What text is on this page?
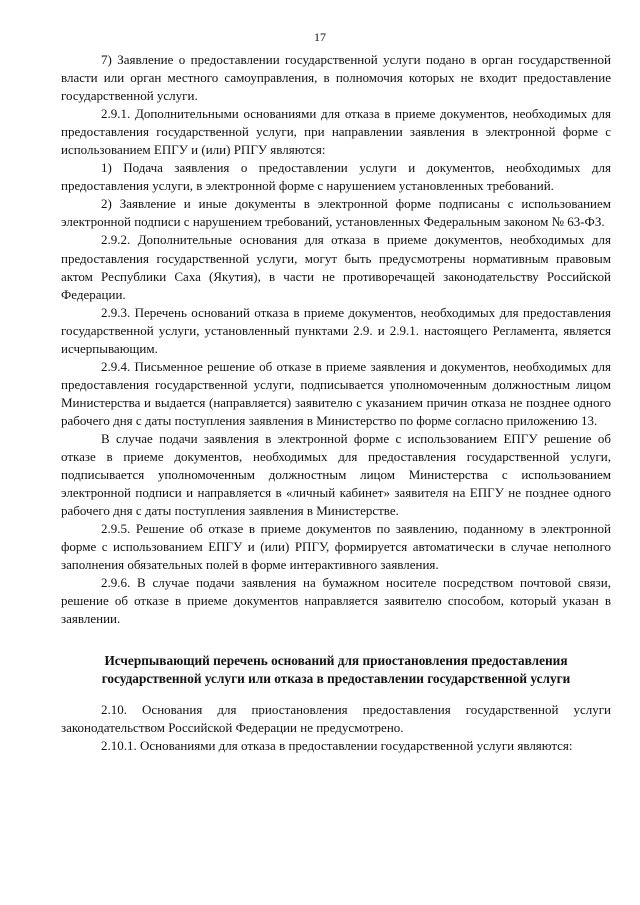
17

7) Заявление о предоставлении государственной услуги подано в орган государственной власти или орган местного самоуправления, в полномочия которых не входит предоставление государственной услуги.

2.9.1. Дополнительными основаниями для отказа в приеме документов, необходимых для предоставления государственной услуги, при направлении заявления в электронной форме с использованием ЕПГУ и (или) РПГУ являются:

1) Подача заявления о предоставлении услуги и документов, необходимых для предоставления услуги, в электронной форме с нарушением установленных требований.

2) Заявление и иные документы в электронной форме подписаны с использованием электронной подписи с нарушением требований, установленных Федеральным законом № 63-ФЗ.

2.9.2. Дополнительные основания для отказа в приеме документов, необходимых для предоставления государственной услуги, могут быть предусмотрены нормативным правовым актом Республики Саха (Якутия), в части не противоречащей законодательству Российской Федерации.

2.9.3. Перечень оснований отказа в приеме документов, необходимых для предоставления государственной услуги, установленный пунктами 2.9. и 2.9.1. настоящего Регламента, является исчерпывающим.

2.9.4. Письменное решение об отказе в приеме заявления и документов, необходимых для предоставления государственной услуги, подписывается уполномоченным должностным лицом Министерства и выдается (направляется) заявителю с указанием причин отказа не позднее одного рабочего дня с даты поступления заявления в Министерство по форме согласно приложению 13.

В случае подачи заявления в электронной форме с использованием ЕПГУ решение об отказе в приеме документов, необходимых для предоставления государственной услуги, подписывается уполномоченным должностным лицом Министерства с использованием электронной подписи и направляется в «личный кабинет» заявителя на ЕПГУ не позднее одного рабочего дня с даты поступления заявления в Министерстве.

2.9.5. Решение об отказе в приеме документов по заявлению, поданному в электронной форме с использованием ЕПГУ и (или) РПГУ, формируется автоматически в случае неполного заполнения обязательных полей в форме интерактивного заявления.

2.9.6. В случае подачи заявления на бумажном носителе посредством почтовой связи, решение об отказе в приеме документов направляется заявителю способом, который указан в заявлении.

Исчерпывающий перечень оснований для приостановления предоставления государственной услуги или отказа в предоставлении государственной услуги

2.10. Основания для приостановления предоставления государственной услуги законодательством Российской Федерации не предусмотрено.

2.10.1. Основаниями для отказа в предоставлении государственной услуги являются:
